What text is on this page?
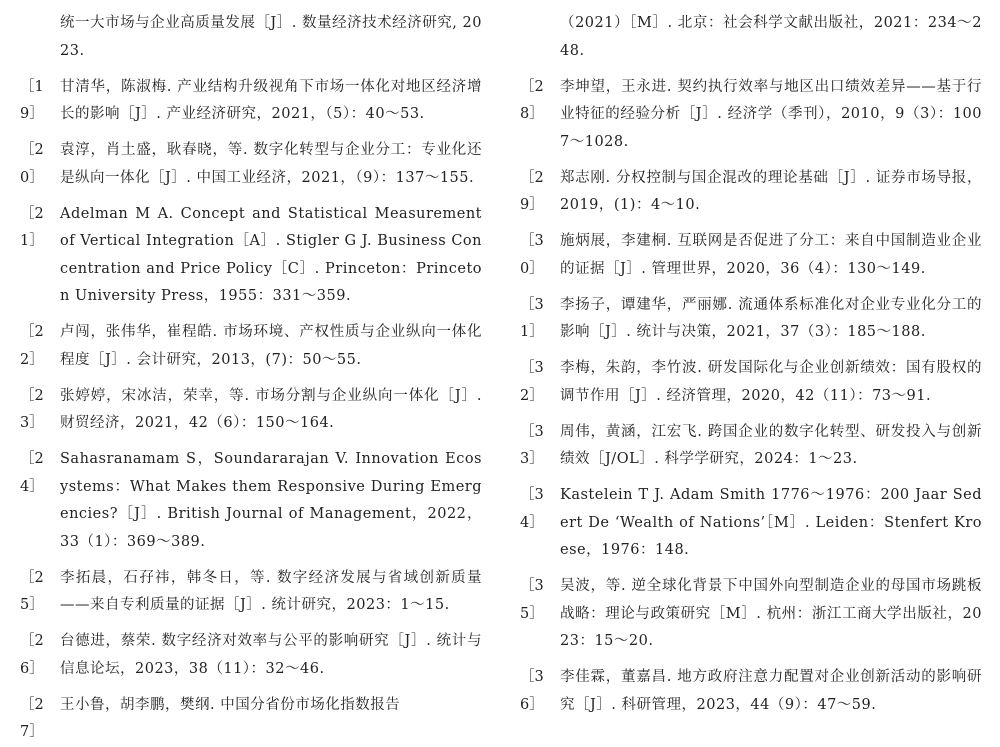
统一大市场与企业高质量发展［J］. 数量经济技术经济研究, 2023.
［19］
甘清华，陈淑梅. 产业结构升级视角下市场一体化对地区经济增长的影响［J］. 产业经济研究，2021，（5）：40～53.
［20］
袁淳，肖土盛，耿春晓，等. 数字化转型与企业分工：专业化还是纵向一体化［J］. 中国工业经济，2021，（9）：137～155.
［21］
Adelman M A. Concept and Statistical Measurement of Vertical Integration［A］. Stigler G J. Business Concentration and Price Policy［C］. Princeton：Princeton University Press，1955：331～359.
［22］
卢闯，张伟华，崔程皓. 市场环境、产权性质与企业纵向一体化程度［J］. 会计研究，2013，(7)：50～55.
［23］
张婷婷，宋冰洁，荣幸，等. 市场分割与企业纵向一体化［J］. 财贸经济，2021，42（6）：150～164.
［24］
Sahasranamam S，Soundararajan V. Innovation Ecosystems：What Makes them Responsive During Emergencies?［J］. British Journal of Management，2022，33（1）：369～389.
［25］
李拓晨，石孖祎，韩冬日，等. 数字经济发展与省域创新质量——来自专利质量的证据［J］. 统计研究，2023：1～15.
［26］
台德进，蔡荣. 数字经济对效率与公平的影响研究［J］. 统计与信息论坛，2023，38（11）：32～46.
［27］
王小鲁，胡李鹏，樊纲. 中国分省份市场化指数报告
（2021）［M］. 北京：社会科学文献出版社，2021：234～248.
［28］
李坤望，王永进. 契约执行效率与地区出口绩效差异——基于行业特征的经验分析［J］. 经济学（季刊），2010，9（3）：1007～1028.
［29］
郑志刚. 分权控制与国企混改的理论基础［J］. 证券市场导报，2019，(1)：4～10.
［30］
施炳展，李建桐. 互联网是否促进了分工：来自中国制造业企业的证据［J］. 管理世界，2020，36（4）：130～149.
［31］
李扬子，谭建华，严丽娜. 流通体系标准化对企业专业化分工的影响［J］. 统计与决策，2021，37（3）：185～188.
［32］
李梅，朱韵，李竹波. 研发国际化与企业创新绩效：国有股权的调节作用［J］. 经济管理，2020，42（11）：73～91.
［33］
周伟，黄涵，江宏飞. 跨国企业的数字化转型、研发投入与创新绩效［J/OL］. 科学学研究，2024：1～23.
［34］
Kastelein T J. Adam Smith 1776～1976：200 Jaar Sedert De ‘Wealth of Nations’［M］. Leiden：Stenfert Kroese，1976：148.
［35］
吴波，等. 逆全球化背景下中国外向型制造企业的母国市场跳板战略：理论与政策研究［M］. 杭州：浙江工商大学出版社，2023：15～20.
［36］
李佳霖，董嘉昌. 地方政府注意力配置对企业创新活动的影响研究［J］. 科研管理，2023，44（9）：47～59.
